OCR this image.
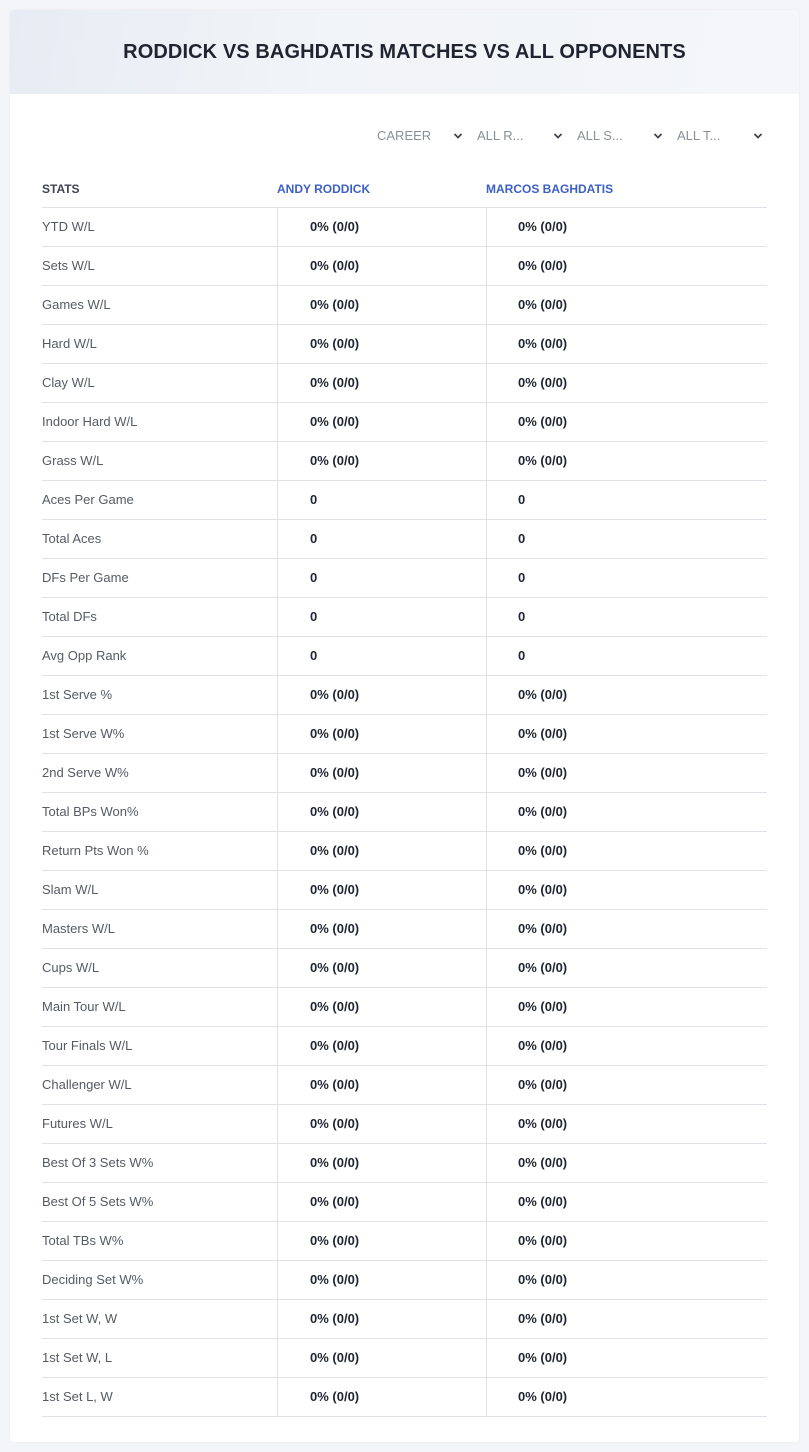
RODDICK VS BAGHDATIS MATCHES VS ALL OPPONENTS
CAREER	ALL R...	ALL S...	ALL T...
STATS	ANDY RODDICK	MARCOS BAGHDATIS
YTD W/L	0% (0/0)	0% (0/0)
Sets W/L	0% (0/0)	0% (0/0)
Games W/L	0% (0/0)	0% (0/0)
Hard W/L	0% (0/0)	0% (0/0)
Clay W/L	0% (0/0)	0% (0/0)
Indoor Hard W/L	0% (0/0)	0% (0/0)
Grass W/L	0% (0/0)	0% (0/0)
Aces Per Game	0	0
Total Aces	0	0
DFs Per Game	0	0
Total DFs	0	0
Avg Opp Rank	0	0
1st Serve %	0% (0/0)	0% (0/0)
1st Serve W%	0% (0/0)	0% (0/0)
2nd Serve W%	0% (0/0)	0% (0/0)
Total BPs Won%	0% (0/0)	0% (0/0)
Return Pts Won %	0% (0/0)	0% (0/0)
Slam W/L	0% (0/0)	0% (0/0)
Masters W/L	0% (0/0)	0% (0/0)
Cups W/L	0% (0/0)	0% (0/0)
Main Tour W/L	0% (0/0)	0% (0/0)
Tour Finals W/L	0% (0/0)	0% (0/0)
Challenger W/L	0% (0/0)	0% (0/0)
Futures W/L	0% (0/0)	0% (0/0)
Best Of 3 Sets W%	0% (0/0)	0% (0/0)
Best Of 5 Sets W%	0% (0/0)	0% (0/0)
Total TBs W%	0% (0/0)	0% (0/0)
Deciding Set W%	0% (0/0)	0% (0/0)
1st Set W, W	0% (0/0)	0% (0/0)
1st Set W, L	0% (0/0)	0% (0/0)
1st Set L, W	0% (0/0)	0% (0/0)
